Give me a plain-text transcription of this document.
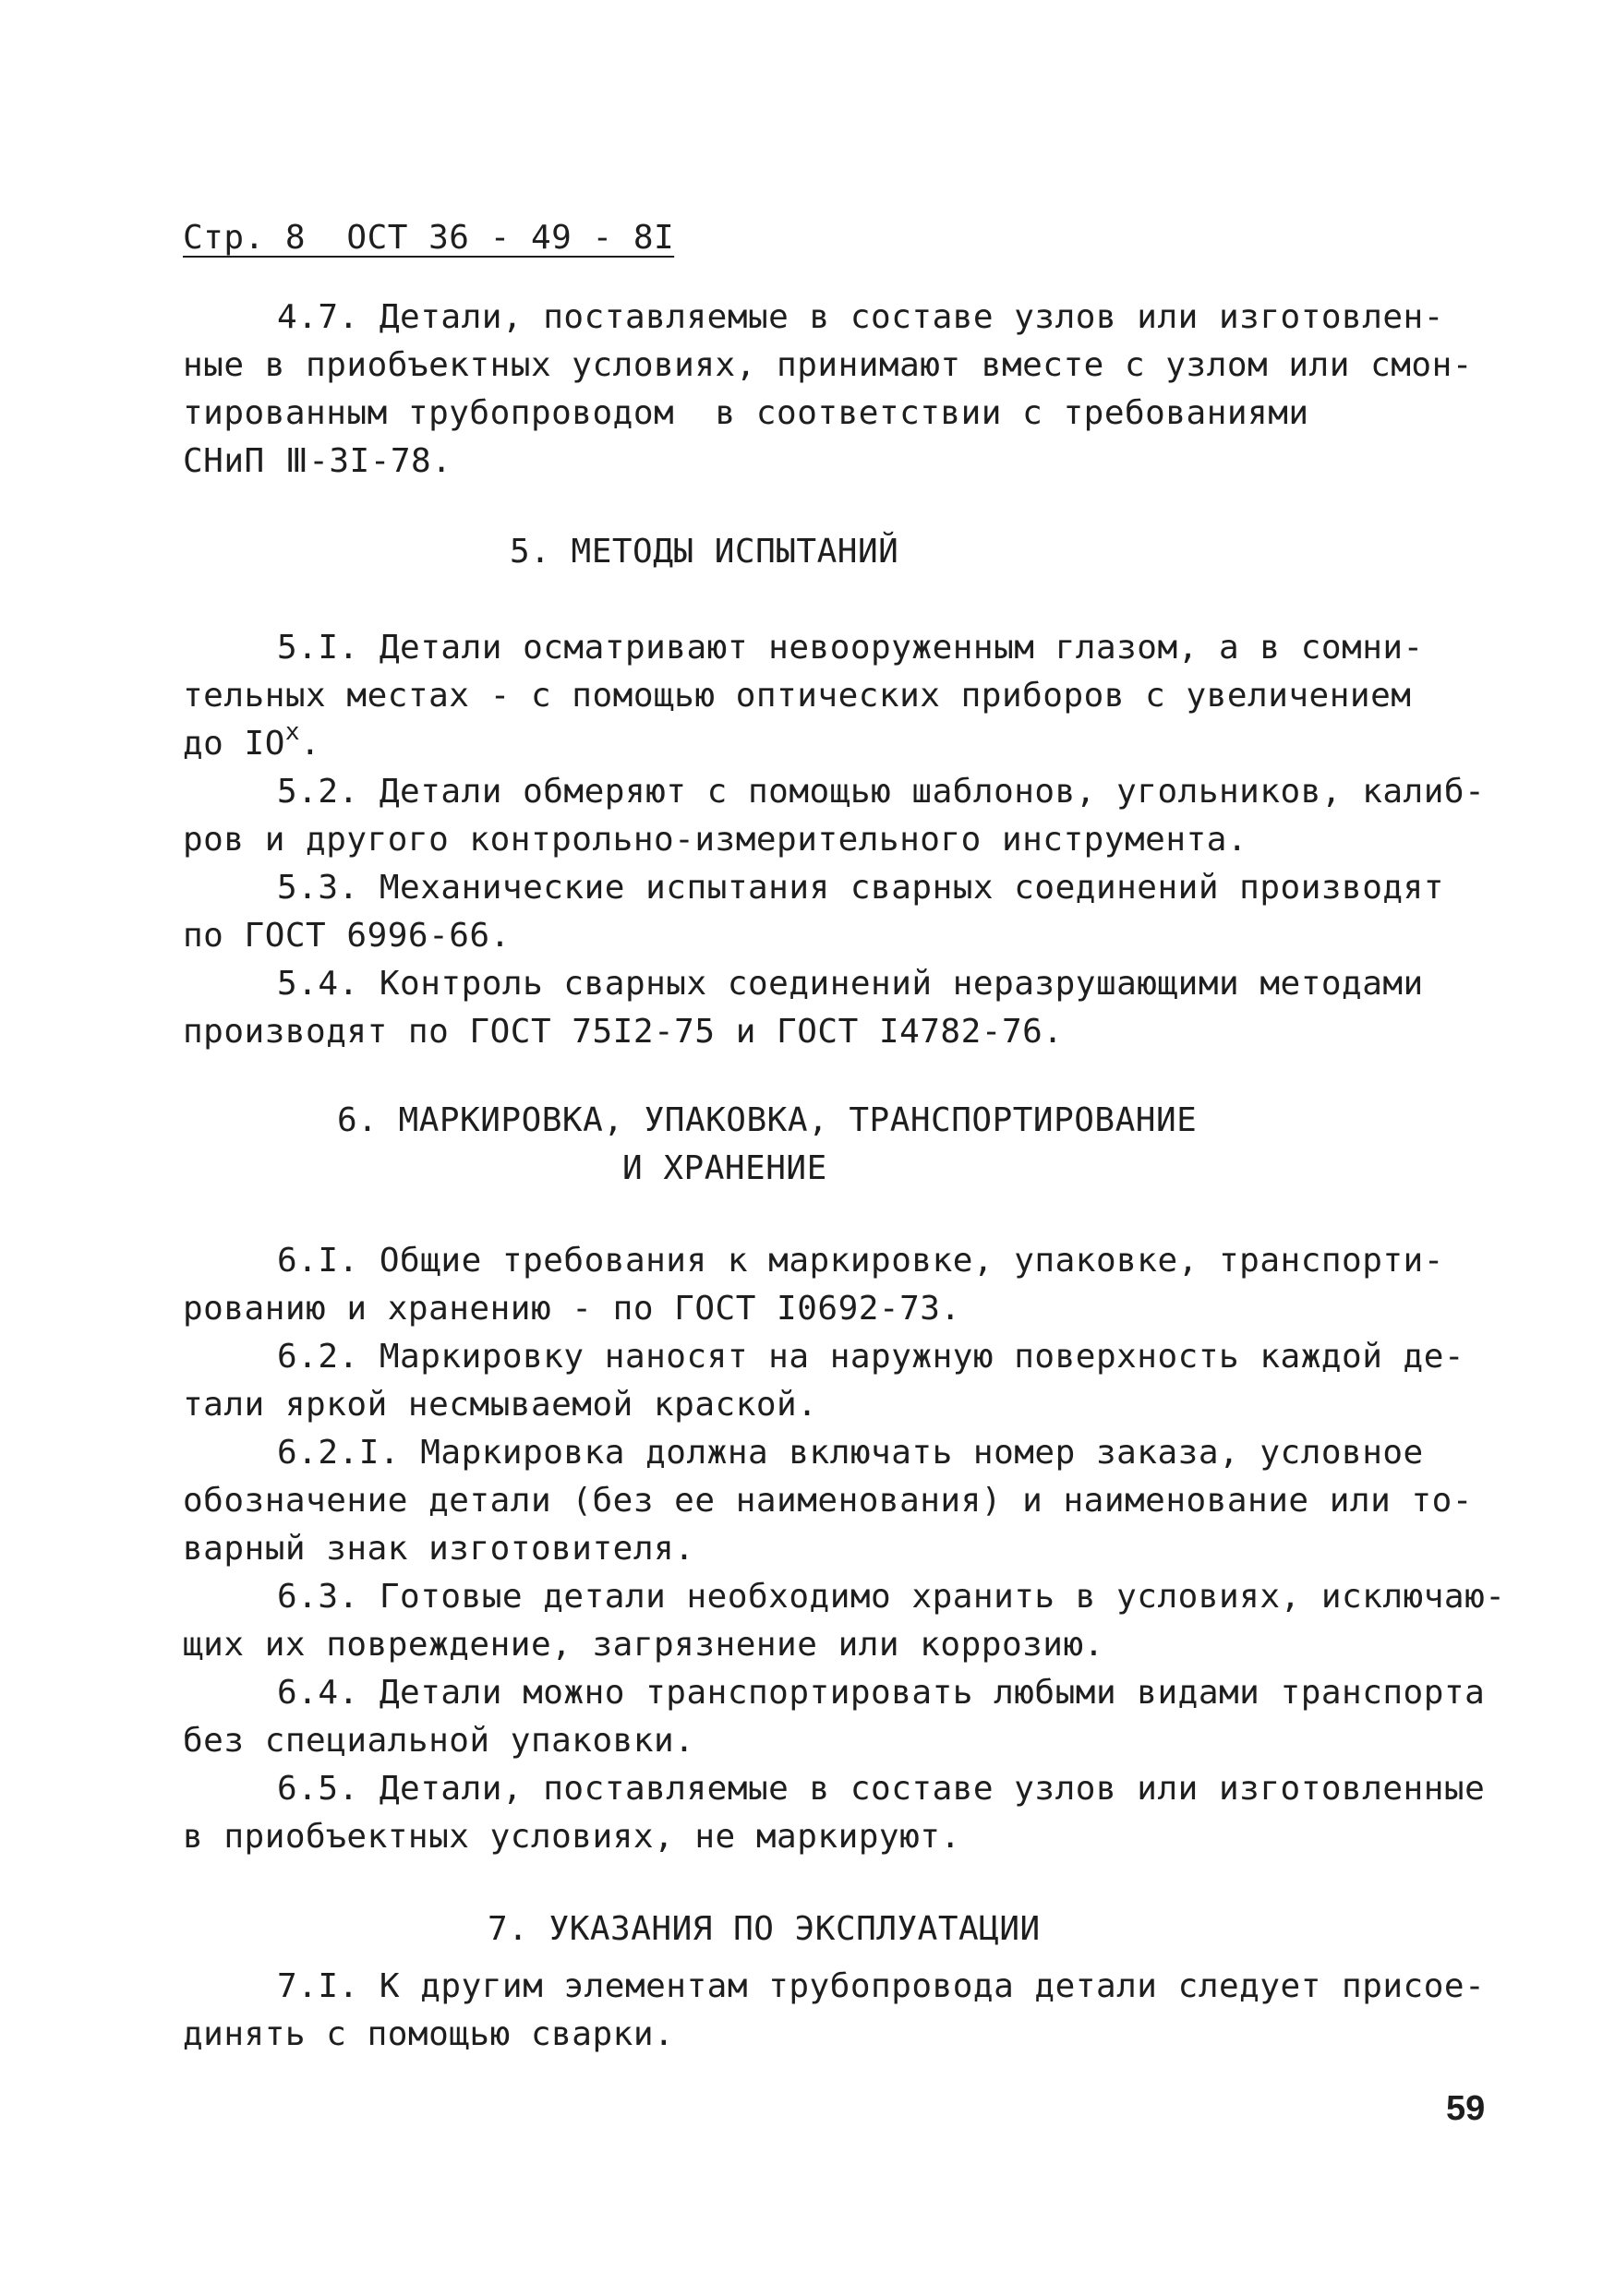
Стр. 8  ОСТ 36 - 49 - 8I
4.7. Детали, поставляемые в составе узлов или изготовлен-
ные в приобъектных условиях, принимают вместе с узлом или смон-
тированным трубопроводом  в соответствии с требованиями
СНиП Ⅲ-3I-78.
5. МЕТОДЫ ИСПЫТАНИЙ
5.I. Детали осматривают невооруженным глазом, а в сомни-
тельных местах - с помощью оптических приборов с увеличением
до $IO^x$.
5.2. Детали обмеряют с помощью шаблонов, угольников, калиб-
ров и другого контрольно-измерительного инструмента.
5.3. Механические испытания сварных соединений производят
по ГОСТ 6996-66.
5.4. Контроль сварных соединений неразрушающими методами
производят по ГОСТ 75I2-75 и ГОСТ I4782-76.
6. МАРКИРОВКА, УПАКОВКА, ТРАНСПОРТИРОВАНИЕ
И ХРАНЕНИЕ
6.I. Общие требования к маркировке, упаковке, транспорти-
рованию и хранению - по ГОСТ I0692-73.
6.2. Маркировку наносят на наружную поверхность каждой де-
тали яркой несмываемой краской.
6.2.I. Маркировка должна включать номер заказа, условное
обозначение детали (без ее наименования) и наименование или то-
варный знак изготовителя.
6.3. Готовые детали необходимо хранить в условиях, исключаю-
щих их повреждение, загрязнение или коррозию.
6.4. Детали можно транспортировать любыми видами транспорта
без специальной упаковки.
6.5. Детали, поставляемые в составе узлов или изготовленные
в приобъектных условиях, не маркируют.
7. УКАЗАНИЯ ПО ЭКСПЛУАТАЦИИ
7.I. К другим элементам трубопровода детали следует присое-
динять с помощью сварки.
59
